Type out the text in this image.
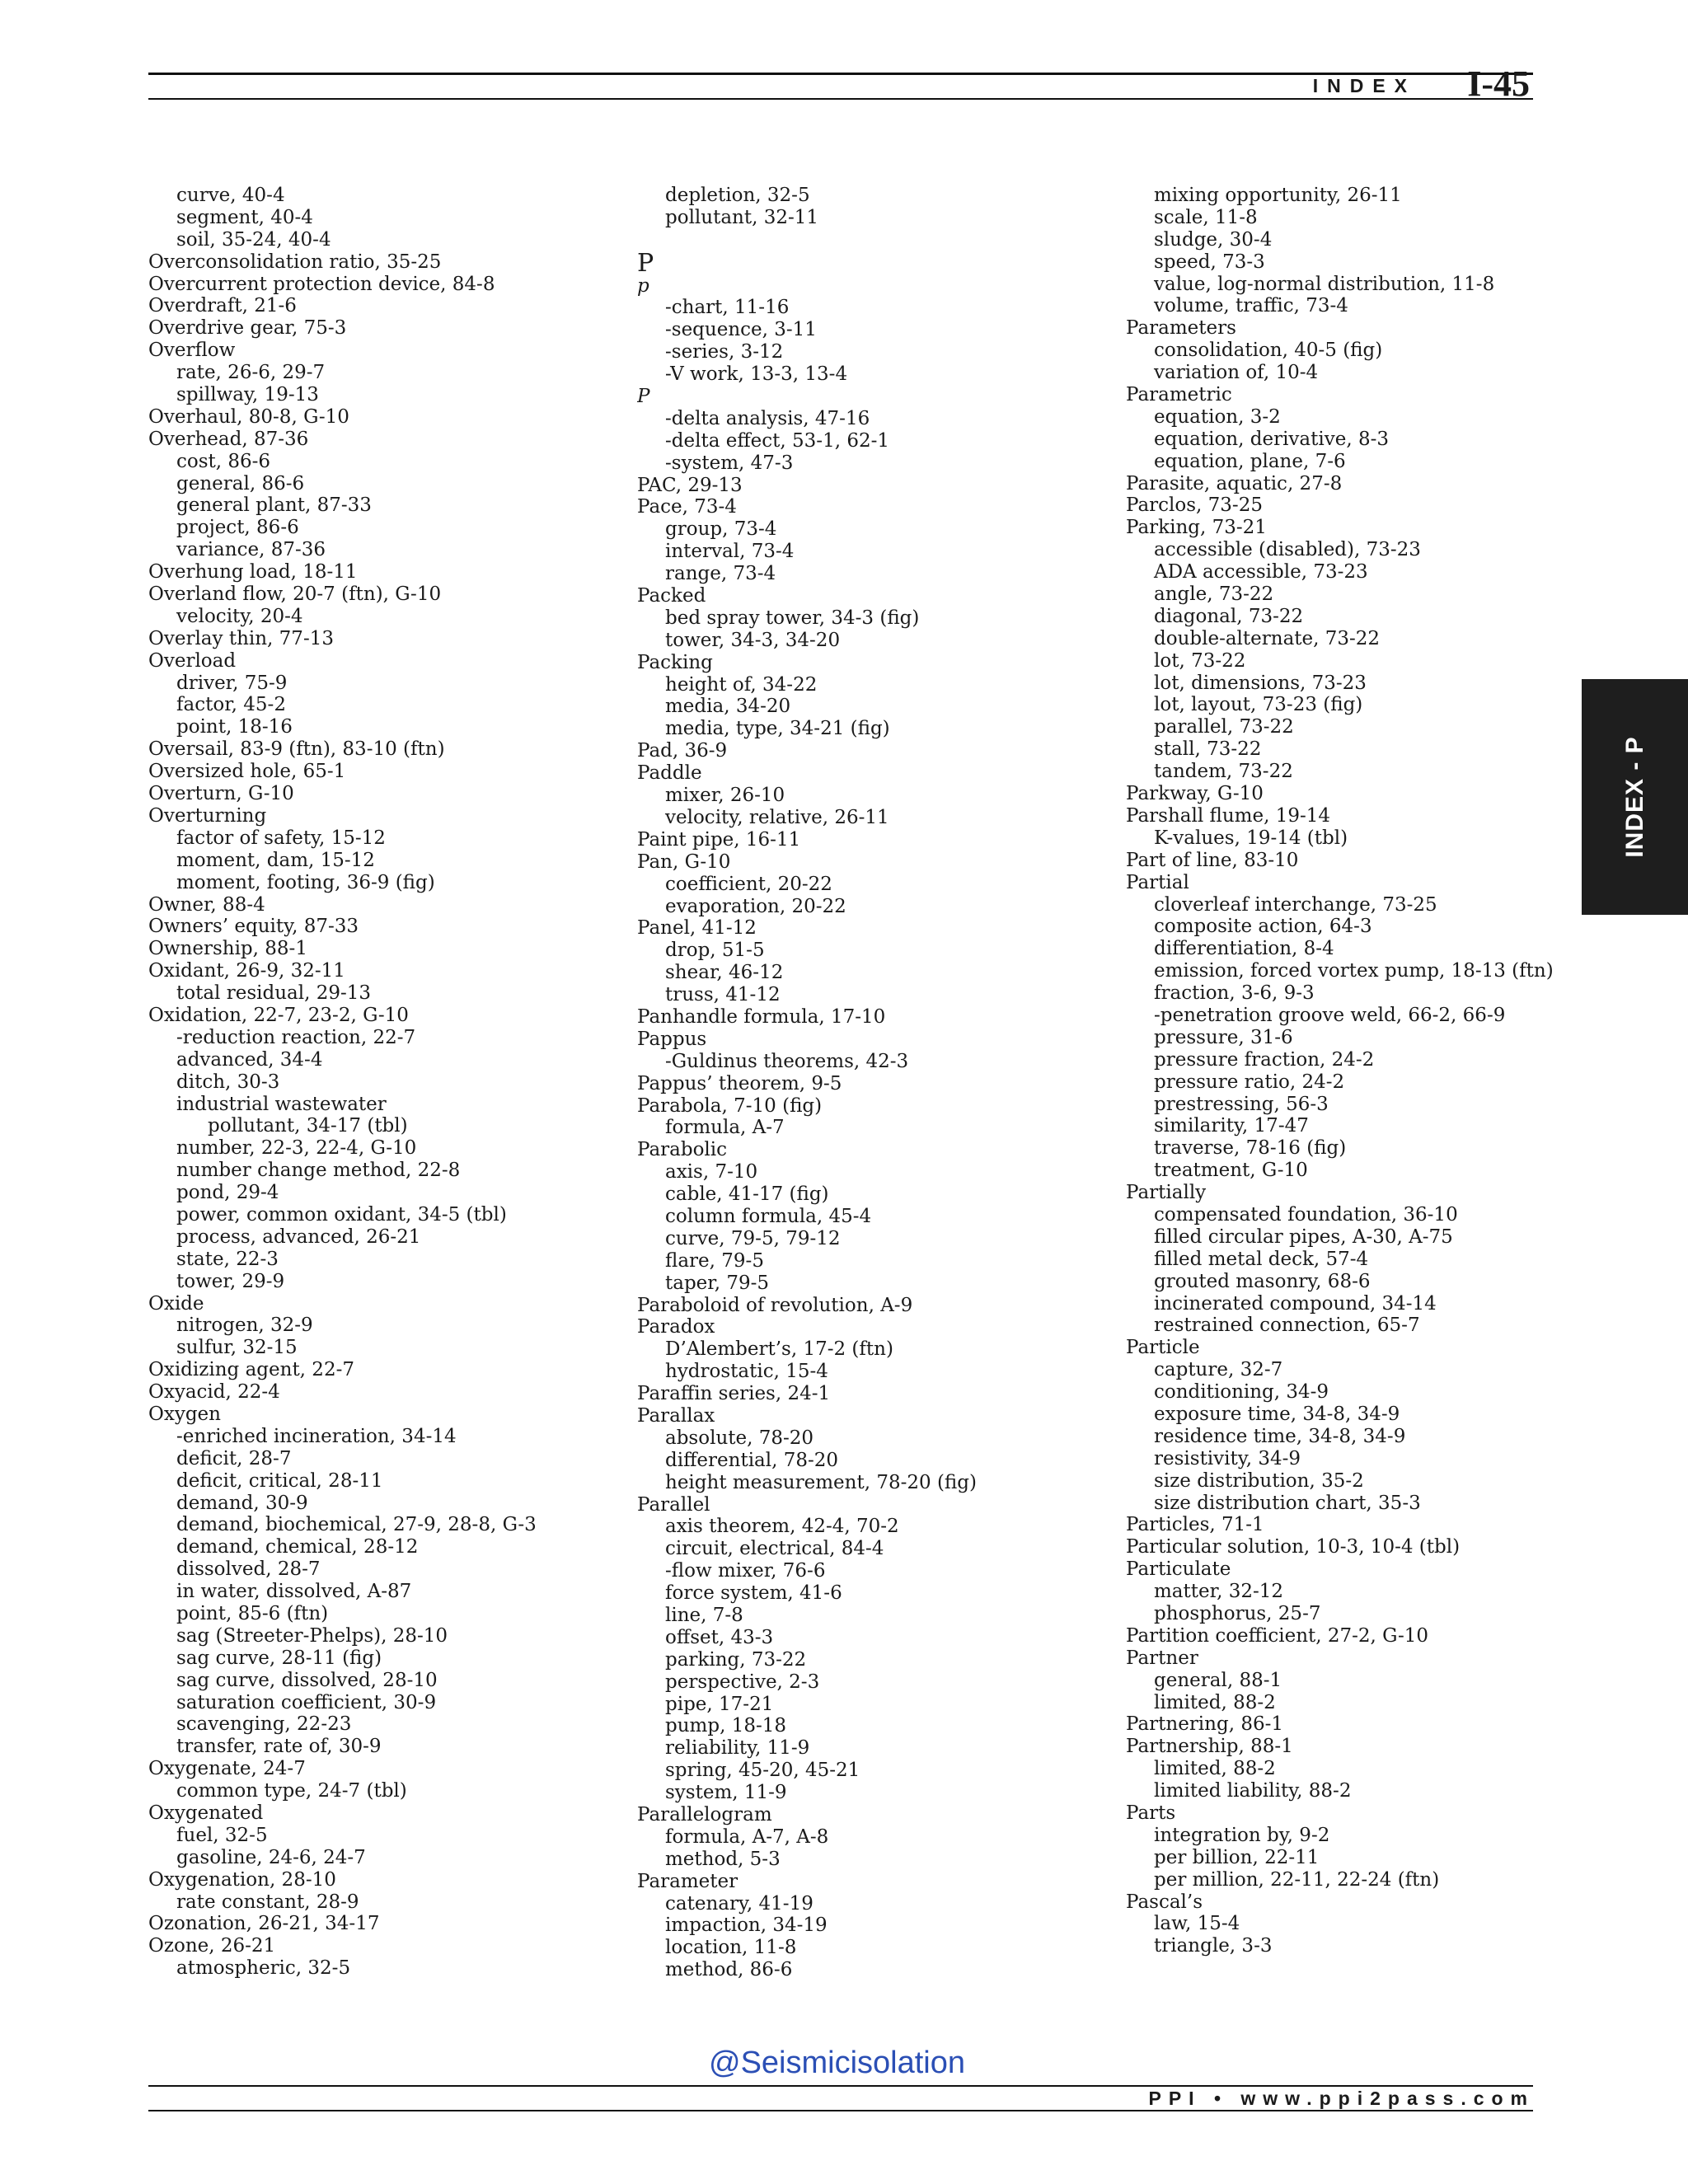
INDEX I-45
INDEX - P
curve, 40-4
segment, 40-4
soil, 35-24, 40-4
Overconsolidation ratio, 35-25
Overcurrent protection device, 84-8
Overdraft, 21-6
Overdrive gear, 75-3
Overflow
rate, 26-6, 29-7
spillway, 19-13
Overhaul, 80-8, G-10
Overhead, 87-36
cost, 86-6
general, 86-6
general plant, 87-33
project, 86-6
variance, 87-36
Overhung load, 18-11
Overland flow, 20-7 (ftn), G-10
velocity, 20-4
Overlay thin, 77-13
Overload
driver, 75-9
factor, 45-2
point, 18-16
Oversail, 83-9 (ftn), 83-10 (ftn)
Oversized hole, 65-1
Overturn, G-10
Overturning
factor of safety, 15-12
moment, dam, 15-12
moment, footing, 36-9 (fig)
Owner, 88-4
Owners’ equity, 87-33
Ownership, 88-1
Oxidant, 26-9, 32-11
total residual, 29-13
Oxidation, 22-7, 23-2, G-10
-reduction reaction, 22-7
advanced, 34-4
ditch, 30-3
industrial wastewater
pollutant, 34-17 (tbl)
number, 22-3, 22-4, G-10
number change method, 22-8
pond, 29-4
power, common oxidant, 34-5 (tbl)
process, advanced, 26-21
state, 22-3
tower, 29-9
Oxide
nitrogen, 32-9
sulfur, 32-15
Oxidizing agent, 22-7
Oxyacid, 22-4
Oxygen
-enriched incineration, 34-14
deficit, 28-7
deficit, critical, 28-11
demand, 30-9
demand, biochemical, 27-9, 28-8, G-3
demand, chemical, 28-12
dissolved, 28-7
in water, dissolved, A-87
point, 85-6 (ftn)
sag (Streeter-Phelps), 28-10
sag curve, 28-11 (fig)
sag curve, dissolved, 28-10
saturation coefficient, 30-9
scavenging, 22-23
transfer, rate of, 30-9
Oxygenate, 24-7
common type, 24-7 (tbl)
Oxygenated
fuel, 32-5
gasoline, 24-6, 24-7
Oxygenation, 28-10
rate constant, 28-9
Ozonation, 26-21, 34-17
Ozone, 26-21
atmospheric, 32-5
depletion, 32-5
pollutant, 32-11
P
p
-chart, 11-16
-sequence, 3-11
-series, 3-12
-V work, 13-3, 13-4
P
-delta analysis, 47-16
-delta effect, 53-1, 62-1
-system, 47-3
PAC, 29-13
Pace, 73-4
group, 73-4
interval, 73-4
range, 73-4
Packed
bed spray tower, 34-3 (fig)
tower, 34-3, 34-20
Packing
height of, 34-22
media, 34-20
media, type, 34-21 (fig)
Pad, 36-9
Paddle
mixer, 26-10
velocity, relative, 26-11
Paint pipe, 16-11
Pan, G-10
coefficient, 20-22
evaporation, 20-22
Panel, 41-12
drop, 51-5
shear, 46-12
truss, 41-12
Panhandle formula, 17-10
Pappus
-Guldinus theorems, 42-3
Pappus’ theorem, 9-5
Parabola, 7-10 (fig)
formula, A-7
Parabolic
axis, 7-10
cable, 41-17 (fig)
column formula, 45-4
curve, 79-5, 79-12
flare, 79-5
taper, 79-5
Paraboloid of revolution, A-9
Paradox
D’Alembert’s, 17-2 (ftn)
hydrostatic, 15-4
Paraffin series, 24-1
Parallax
absolute, 78-20
differential, 78-20
height measurement, 78-20 (fig)
Parallel
axis theorem, 42-4, 70-2
circuit, electrical, 84-4
-flow mixer, 76-6
force system, 41-6
line, 7-8
offset, 43-3
parking, 73-22
perspective, 2-3
pipe, 17-21
pump, 18-18
reliability, 11-9
spring, 45-20, 45-21
system, 11-9
Parallelogram
formula, A-7, A-8
method, 5-3
Parameter
catenary, 41-19
impaction, 34-19
location, 11-8
method, 86-6
mixing opportunity, 26-11
scale, 11-8
sludge, 30-4
speed, 73-3
value, log-normal distribution, 11-8
volume, traffic, 73-4
Parameters
consolidation, 40-5 (fig)
variation of, 10-4
Parametric
equation, 3-2
equation, derivative, 8-3
equation, plane, 7-6
Parasite, aquatic, 27-8
Parclos, 73-25
Parking, 73-21
accessible (disabled), 73-23
ADA accessible, 73-23
angle, 73-22
diagonal, 73-22
double-alternate, 73-22
lot, 73-22
lot, dimensions, 73-23
lot, layout, 73-23 (fig)
parallel, 73-22
stall, 73-22
tandem, 73-22
Parkway, G-10
Parshall flume, 19-14
K-values, 19-14 (tbl)
Part of line, 83-10
Partial
cloverleaf interchange, 73-25
composite action, 64-3
differentiation, 8-4
emission, forced vortex pump, 18-13 (ftn)
fraction, 3-6, 9-3
-penetration groove weld, 66-2, 66-9
pressure, 31-6
pressure fraction, 24-2
pressure ratio, 24-2
prestressing, 56-3
similarity, 17-47
traverse, 78-16 (fig)
treatment, G-10
Partially
compensated foundation, 36-10
filled circular pipes, A-30, A-75
filled metal deck, 57-4
grouted masonry, 68-6
incinerated compound, 34-14
restrained connection, 65-7
Particle
capture, 32-7
conditioning, 34-9
exposure time, 34-8, 34-9
residence time, 34-8, 34-9
resistivity, 34-9
size distribution, 35-2
size distribution chart, 35-3
Particles, 71-1
Particular solution, 10-3, 10-4 (tbl)
Particulate
matter, 32-12
phosphorus, 25-7
Partition coefficient, 27-2, G-10
Partner
general, 88-1
limited, 88-2
Partnering, 86-1
Partnership, 88-1
limited, 88-2
limited liability, 88-2
Parts
integration by, 9-2
per billion, 22-11
per million, 22-11, 22-24 (ftn)
Pascal’s
law, 15-4
triangle, 3-3
@Seismicisolation
PPI • www.ppi2pass.com
